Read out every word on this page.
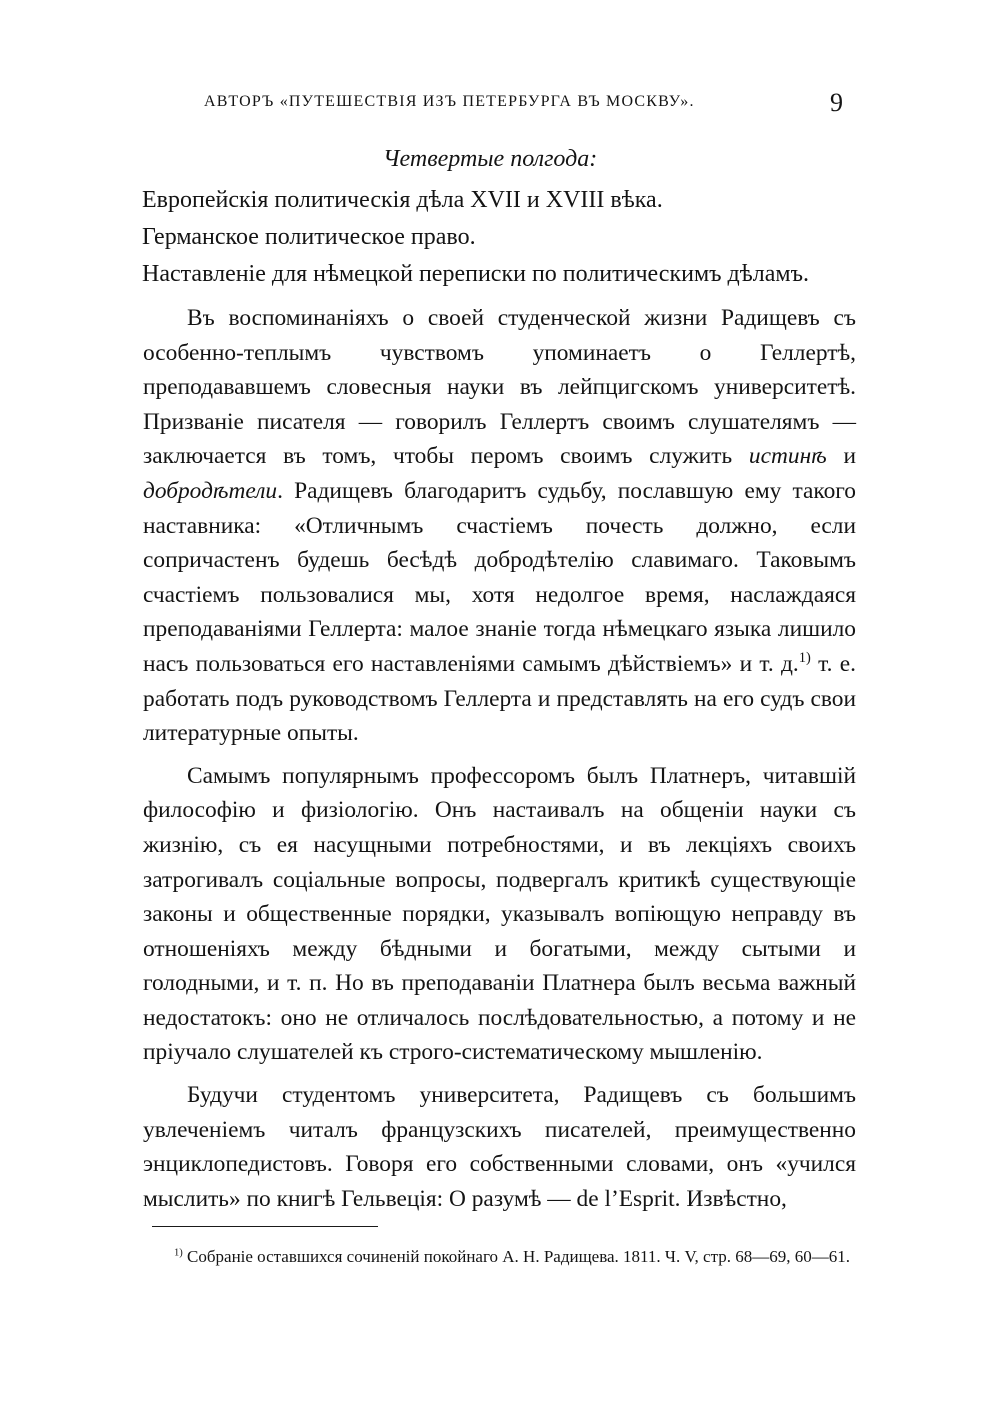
АВТОРЪ «ПУТЕШЕСТВІЯ ИЗЪ ПЕТЕРБУРГА ВЪ МОСКВУ».	9
Четвертые полгода:
Европейскія политическія дѣла XVII и XVIII вѣка.
Германское политическое право.
Наставленіе для нѣмецкой переписки по политическимъ дѣламъ.

Въ воспоминаніяхъ о своей студенческой жизни Радищевъ съ особенно-теплымъ чувствомъ упоминаетъ о Геллертѣ, преподававшемъ словесныя науки въ лейпцигскомъ университетѣ. Призваніе писателя — говорилъ Геллертъ своимъ слушателямъ — заключается въ томъ, чтобы перомъ своимъ служить истинѣ и добродѣтели. Радищевъ благодаритъ судьбу, пославшую ему такого наставника: «Отличнымъ счастіемъ почесть должно, если сопричастенъ будешь бесѣдѣ добродѣтелію славимаго. Таковымъ счастіемъ пользовалися мы, хотя недолгое время, наслаждаяся преподаваніями Геллерта: малое знаніе тогда нѣмецкаго языка лишило насъ пользоваться его наставленіями самымъ дѣйствіемъ» и т. д.$^{1)}$ т. е. работать подъ руководствомъ Геллерта и представлять на его судъ свои литературные опыты.

Самымъ популярнымъ профессоромъ былъ Платнеръ, читавшій философію и физіологію. Онъ настаивалъ на общеніи науки съ жизнію, съ ея насущными потребностями, и въ лекціяхъ своихъ затрогивалъ соціальные вопросы, подвергалъ критикѣ существующіе законы и общественные порядки, указывалъ вопіющую неправду въ отношеніяхъ между бѣдными и богатыми, между сытыми и голодными, и т. п. Но въ преподаваніи Платнера былъ весьма важный недостатокъ: оно не отличалось послѣдовательностью, а потому и не пріучало слушателей къ строго-систематическому мышленію.

Будучи студентомъ университета, Радищевъ съ большимъ увлеченіемъ читалъ французскихъ писателей, преимущественно энциклопедистовъ. Говоря его собственными словами, онъ «учился мыслить» по книгѣ Гельвеція: О разумѣ — de l’Esprit. Извѣстно,

$^{1)}$ Собраніе оставшихся сочиненій покойнаго А. Н. Радищева. 1811. Ч. V, стр. 68—69, 60—61.
